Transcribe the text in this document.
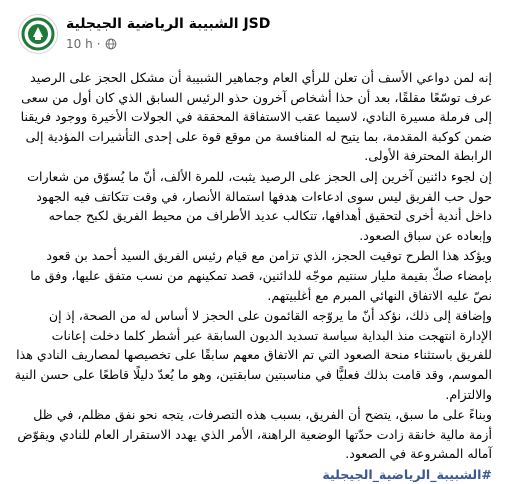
الشبيبة الرياضية الجيجلية JSD
10 h ·

إنه لمن دواعي الأسف أن تعلن للرأي العام وجماهير الشبيبة أن مشكل الحجز على الرصيد عرف توسّعًا مقلقًا، بعد أن حذا أشخاص آخرون حذو الرئيس السابق الذي كان أول من سعى إلى فرملة مسيرة النادي، لاسيما عقب الاستفاقة المحققة في الجولات الأخيرة ووجود فريقنا ضمن كوكبة المقدمة، بما يتيح له المنافسة من موقع قوة على إحدى التأشيرات المؤدية إلى الرابطة المحترفة الأولى.

إن لجوء دائنين آخرين إلى الحجز على الرصيد يثبت، للمرة الألف، أنّ ما يُسوّق من شعارات حول حب الفريق ليس سوى ادعاءات هدفها استمالة الأنصار، في وقت تتكاتف فيه الجهود داخل أندية أخرى لتحقيق أهدافها، تتكالب عديد الأطراف من محيط الفريق لكبح جماحه وإبعاده عن سباق الصعود.

ويؤكد هذا الطرح توقيت الحجز، الذي تزامن مع قيام رئيس الفريق السيد أحمد بن قعود بإمضاء صكّ بقيمة مليار سنتيم موجّه للدائنين، قصد تمكينهم من نسب متفق عليها، وفق ما نصّ عليه الاتفاق النهائي المبرم مع أغلبيتهم.

وإضافة إلى ذلك، نؤكد أنّ ما يروّجه القائمون على الحجز لا أساس له من الصحة، إذ إن الإدارة انتهجت منذ البداية سياسة تسديد الديون السابقة عبر أشطر كلما دخلت إعانات للفريق باستثناء منحة الصعود التي تم الاتفاق معهم سابقًا على تخصيصها لمصاريف النادي هذا الموسم، وقد قامت بذلك فعليًّا في مناسبتين سابقتين، وهو ما يُعدّ دليلًا قاطعًا على حسن النية والالتزام.

وبناءً على ما سبق، يتضح أن الفريق، بسبب هذه التصرفات، يتجه نحو نفق مظلم، في ظل أزمة مالية خانقة زادت حدّتها الوضعية الراهنة، الأمر الذي يهدد الاستقرار العام للنادي ويقوّض آماله المشروعة في الصعود.

#الشبيبة_الرياضية_الجيجلية
